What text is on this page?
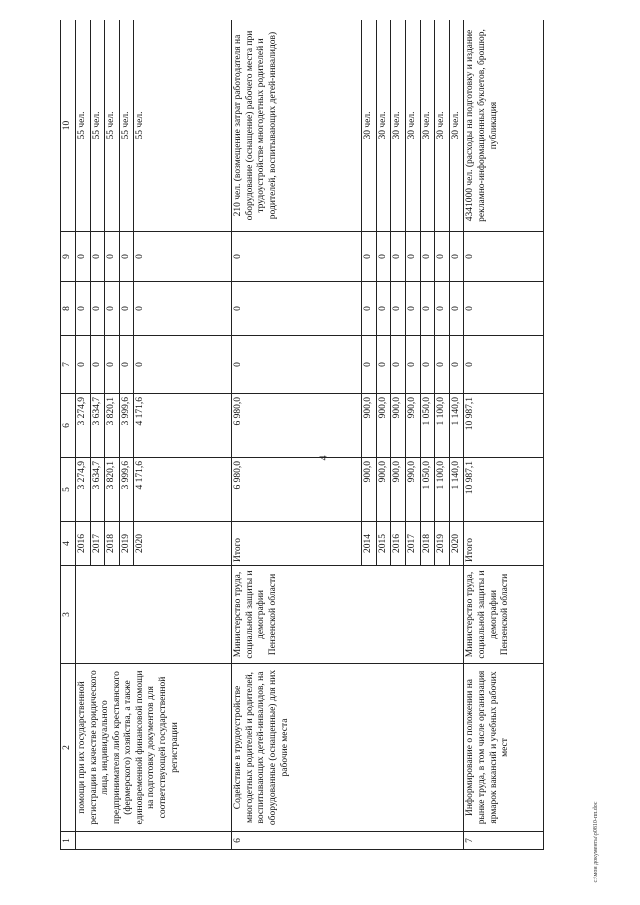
4
c:\мои документы\р0810-пп.doc
1	2	3	4	5	6	7	8	9	10
	помощи при их государственной регистрации в качестве юридического лица, индивидуального предпринимателя либо крестьянского (фермерского) хозяйства, а также единовременной финансовой помощи на подготовку документов для соответствующей государственной регистрации		2016	3 274,9	3 274,9	0	0	0	55 чел.
			2017	3 634,7	3 634,7	0	0	0	55 чел.
			2018	3 820,1	3 820,1	0	0	0	55 чел.
			2019	3 999,6	3 999,6	0	0	0	55 чел.
			2020	4 171,6	4 171,6	0	0	0	55 чел.
6	Содействие в трудоустройстве многодетных родителей и родителей, воспитывающих детей-инвалидов, на оборудованные (оснащенные) для них рабочие места	Министерство труда, социальной защиты и демографии Пензенской области	Итого	6 980,0	6 980,0	0	0	0	210 чел. (возмещение затрат работодателя на оборудование (оснащение) рабочего места при трудоустройстве многодетных родителей и родителей, воспитывающих детей-инвалидов)
			2014	900,0	900,0	0	0	0	30 чел.
			2015	900,0	900,0	0	0	0	30 чел.
			2016	900,0	900,0	0	0	0	30 чел.
			2017	990,0	990,0	0	0	0	30 чел.
			2018	1 050,0	1 050,0	0	0	0	30 чел.
			2019	1 100,0	1 100,0	0	0	0	30 чел.
			2020	1 140,0	1 140,0	0	0	0	30 чел.
7	Информирование о положении на рынке труда, в том числе организация ярмарок вакансий и учебных рабочих мест	Министерство труда, социальной защиты и демографии Пензенской области	Итого	10 987,1	10 987,1	0	0	0	4341000 чел. (расходы на подготовку и издание рекламно-информационных буклетов, брошюр, публикация
